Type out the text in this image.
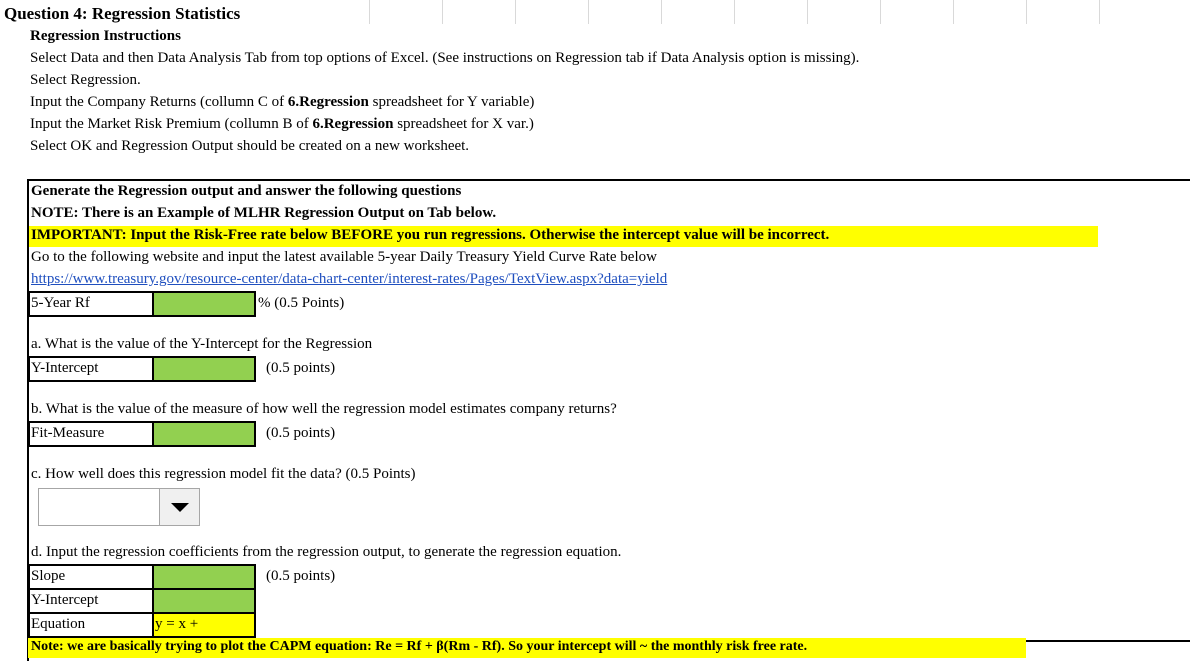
Question 4: Regression Statistics
Regression Instructions
Select Data and then Data Analysis Tab from top options of Excel. (See instructions on Regression tab if Data Analysis option is missing).
Select Regression.
Input the Company Returns (collumn C of 6.Regression spreadsheet for Y variable)
Input the Market Risk Premium (collumn B of 6.Regression spreadsheet for X var.)
Select OK and Regression Output should be created on a new worksheet.
Generate the Regression output and answer the following questions
NOTE: There is an Example of MLHR Regression Output on Tab below.
IMPORTANT: Input the Risk-Free rate below BEFORE you run regressions. Otherwise the intercept value will be incorrect.
Go to the following website and input the latest available 5-year Daily Treasury Yield Curve Rate below
https://www.treasury.gov/resource-center/data-chart-center/interest-rates/Pages/TextView.aspx?data=yield
5-Year Rf	% (0.5 Points)
a. What is the value of the Y-Intercept for the Regression
Y-Intercept	(0.5 points)
b. What is the value of the measure of how well the regression model estimates company returns?
Fit-Measure	(0.5 points)
c. How well does this regression model fit the data? (0.5 Points)
d. Input the regression coefficients from the regression output, to generate the regression equation.
Slope	(0.5 points)
Y-Intercept
Equation	y = x +
Note: we are basically trying to plot the CAPM equation: Re = Rf + β(Rm - Rf). So your intercept will ~ the monthly risk free rate.
